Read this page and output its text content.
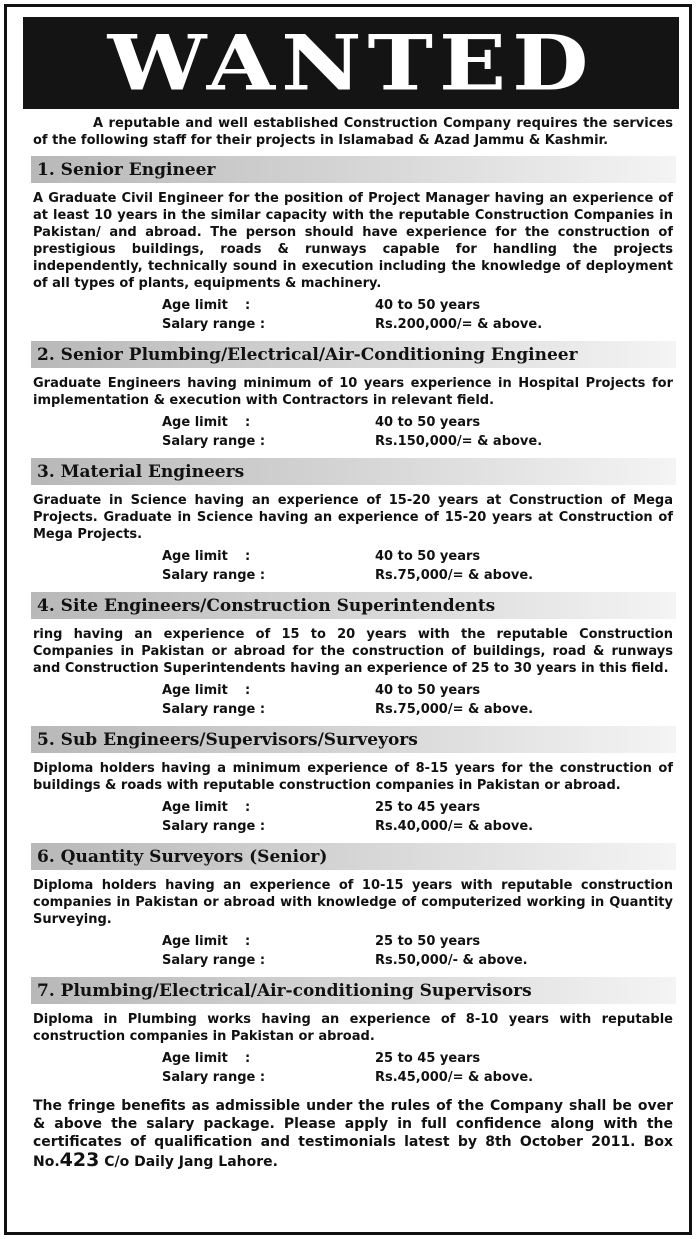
WANTED

A reputable and well established Construction Company requires the services of the following staff for their projects in Islamabad & Azad Jammu & Kashmir.

1. Senior Engineer

A Graduate Civil Engineer for the position of Project Manager having an experience of at least 10 years in the similar capacity with the reputable Construction Companies in Pakistan/ and abroad. The person should have experience for the construction of prestigious buildings, roads & runways capable for handling the projects independently, technically sound in execution including the knowledge of deployment of all types of plants, equipments & machinery.

Age limit	:	40 to 50 years
Salary range :	Rs.200,000/= & above.
2. Senior Plumbing/Electrical/Air-Conditioning Engineer

Graduate Engineers having minimum of 10 years experience in Hospital Projects for implementation & execution with Contractors in relevant field.

Age limit	:	40 to 50 years
Salary range :	Rs.150,000/= & above.
3. Material Engineers

Graduate in Science having an experience of 15-20 years at Construction of Mega Projects. Graduate in Science having an experience of 15-20 years at Construction of Mega Projects.

Age limit	:	40 to 50 years
Salary range :	Rs.75,000/= & above.
4. Site Engineers/Construction Superintendents

ring having an experience of 15 to 20 years with the reputable Construction Companies in Pakistan or abroad for the construction of buildings, road & runways and Construction Superintendents having an experience of 25 to 30 years in this field.

Age limit	:	40 to 50 years
Salary range :	Rs.75,000/= & above.
5. Sub Engineers/Supervisors/Surveyors

Diploma holders having a minimum experience of 8-15 years for the construction of buildings & roads with reputable construction companies in Pakistan or abroad.

Age limit	:	25 to 45 years
Salary range :	Rs.40,000/= & above.
6. Quantity Surveyors (Senior)

Diploma holders having an experience of 10-15 years with reputable construction companies in Pakistan or abroad with knowledge of computerized working in Quantity Surveying.

Age limit	:	25 to 50 years
Salary range :	Rs.50,000/- & above.
7. Plumbing/Electrical/Air-conditioning Supervisors

Diploma in Plumbing works having an experience of 8-10 years with reputable construction companies in Pakistan or abroad.

Age limit	:	25 to 45 years
Salary range :	Rs.45,000/= & above.

The fringe benefits as admissible under the rules of the Company shall be over & above the salary package. Please apply in full confidence along with the certificates of qualification and testimonials latest by 8th October 2011. Box No.423 C/o Daily Jang Lahore.
